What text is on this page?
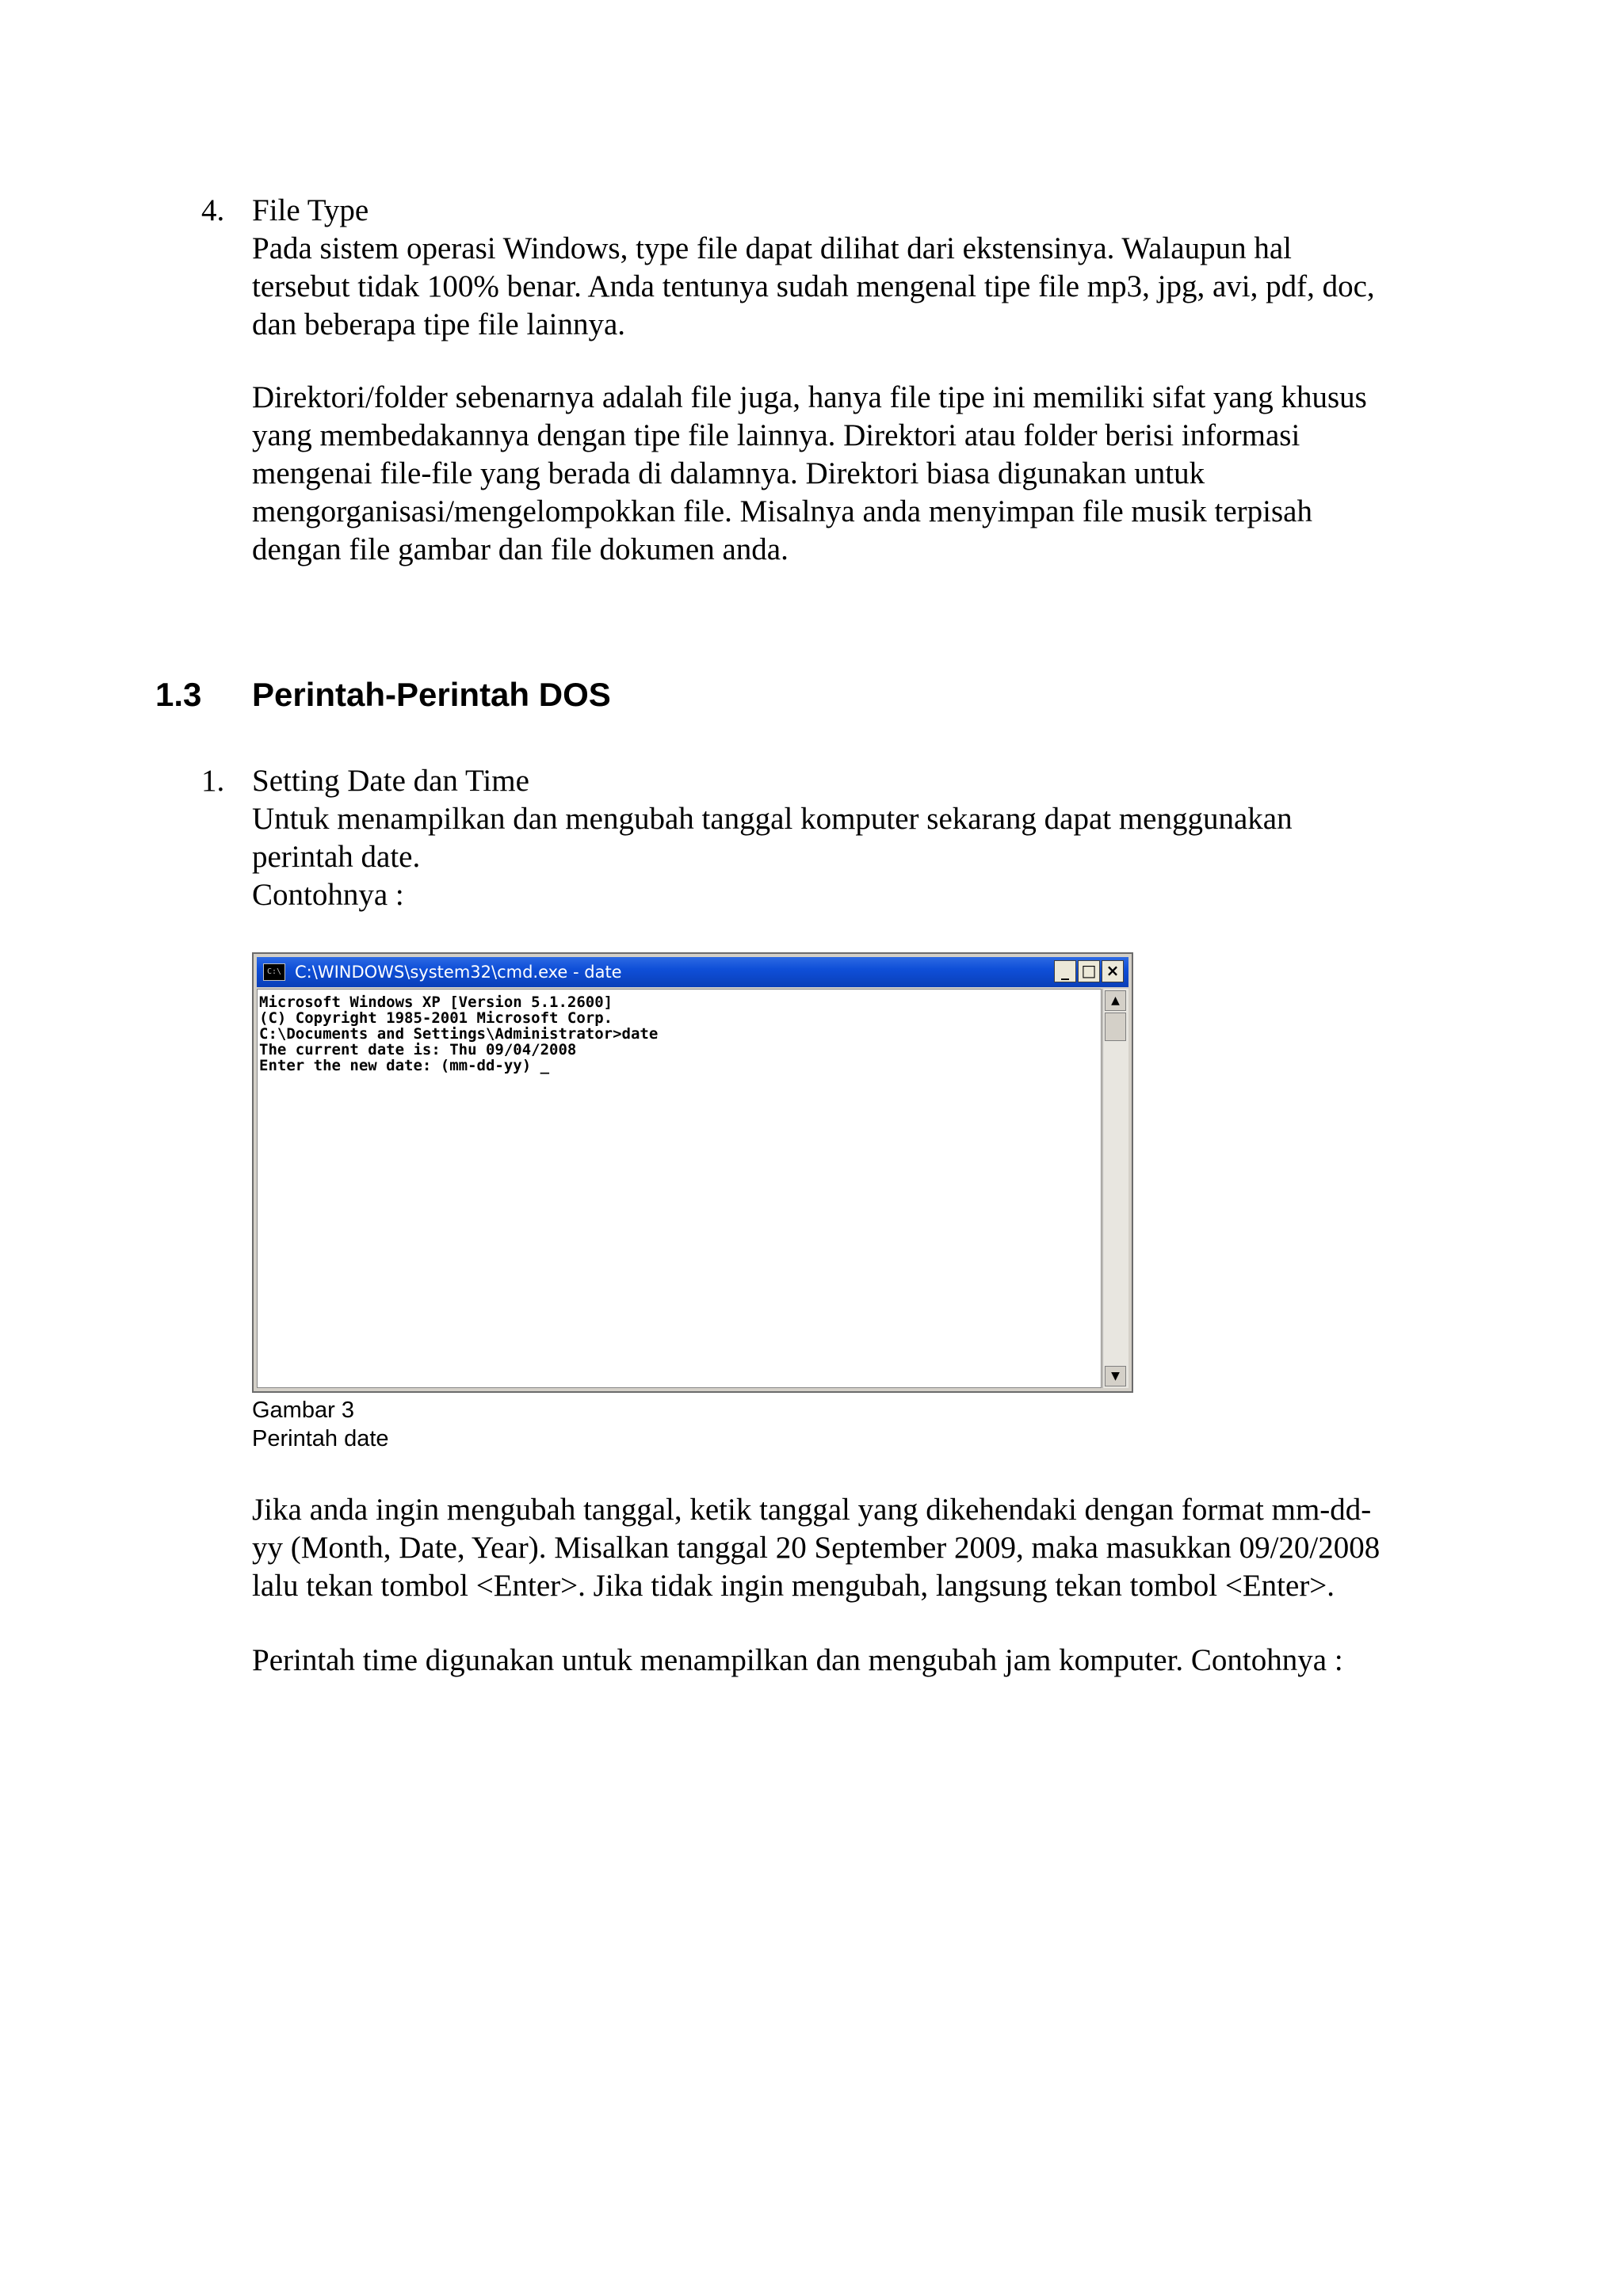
4. File Type
Pada sistem operasi Windows, type file dapat dilihat dari ekstensinya. Walaupun hal
tersebut tidak 100% benar. Anda tentunya sudah mengenal tipe file mp3, jpg, avi, pdf, doc,
dan beberapa tipe file lainnya.
Direktori/folder sebenarnya adalah file juga, hanya file tipe ini memiliki sifat yang khusus
yang membedakannya dengan tipe file lainnya. Direktori atau folder berisi informasi
mengenai file-file yang berada di dalamnya. Direktori biasa digunakan untuk
mengorganisasi/mengelompokkan file. Misalnya anda menyimpan file musik terpisah
dengan file gambar dan file dokumen anda.
1.3 Perintah-Perintah DOS
1. Setting Date dan Time
Untuk menampilkan dan mengubah tanggal komputer sekarang dapat menggunakan
perintah date.
Contohnya :
C:\ C:\WINDOWS\system32\cmd.exe - date	_ □ ×
Microsoft Windows XP [Version 5.1.2600]
(C) Copyright 1985-2001 Microsoft Corp.
C:\Documents and Settings\Administrator>date
The current date is: Thu 09/04/2008
Enter the new date: (mm-dd-yy) _
▲
▼
Gambar 3
Perintah date
Jika anda ingin mengubah tanggal, ketik tanggal yang dikehendaki dengan format mm-dd-
yy (Month, Date, Year). Misalkan tanggal 20 September 2009, maka masukkan 09/20/2008
lalu tekan tombol <Enter>. Jika tidak ingin mengubah, langsung tekan tombol <Enter>.
Perintah time digunakan untuk menampilkan dan mengubah jam komputer. Contohnya :
